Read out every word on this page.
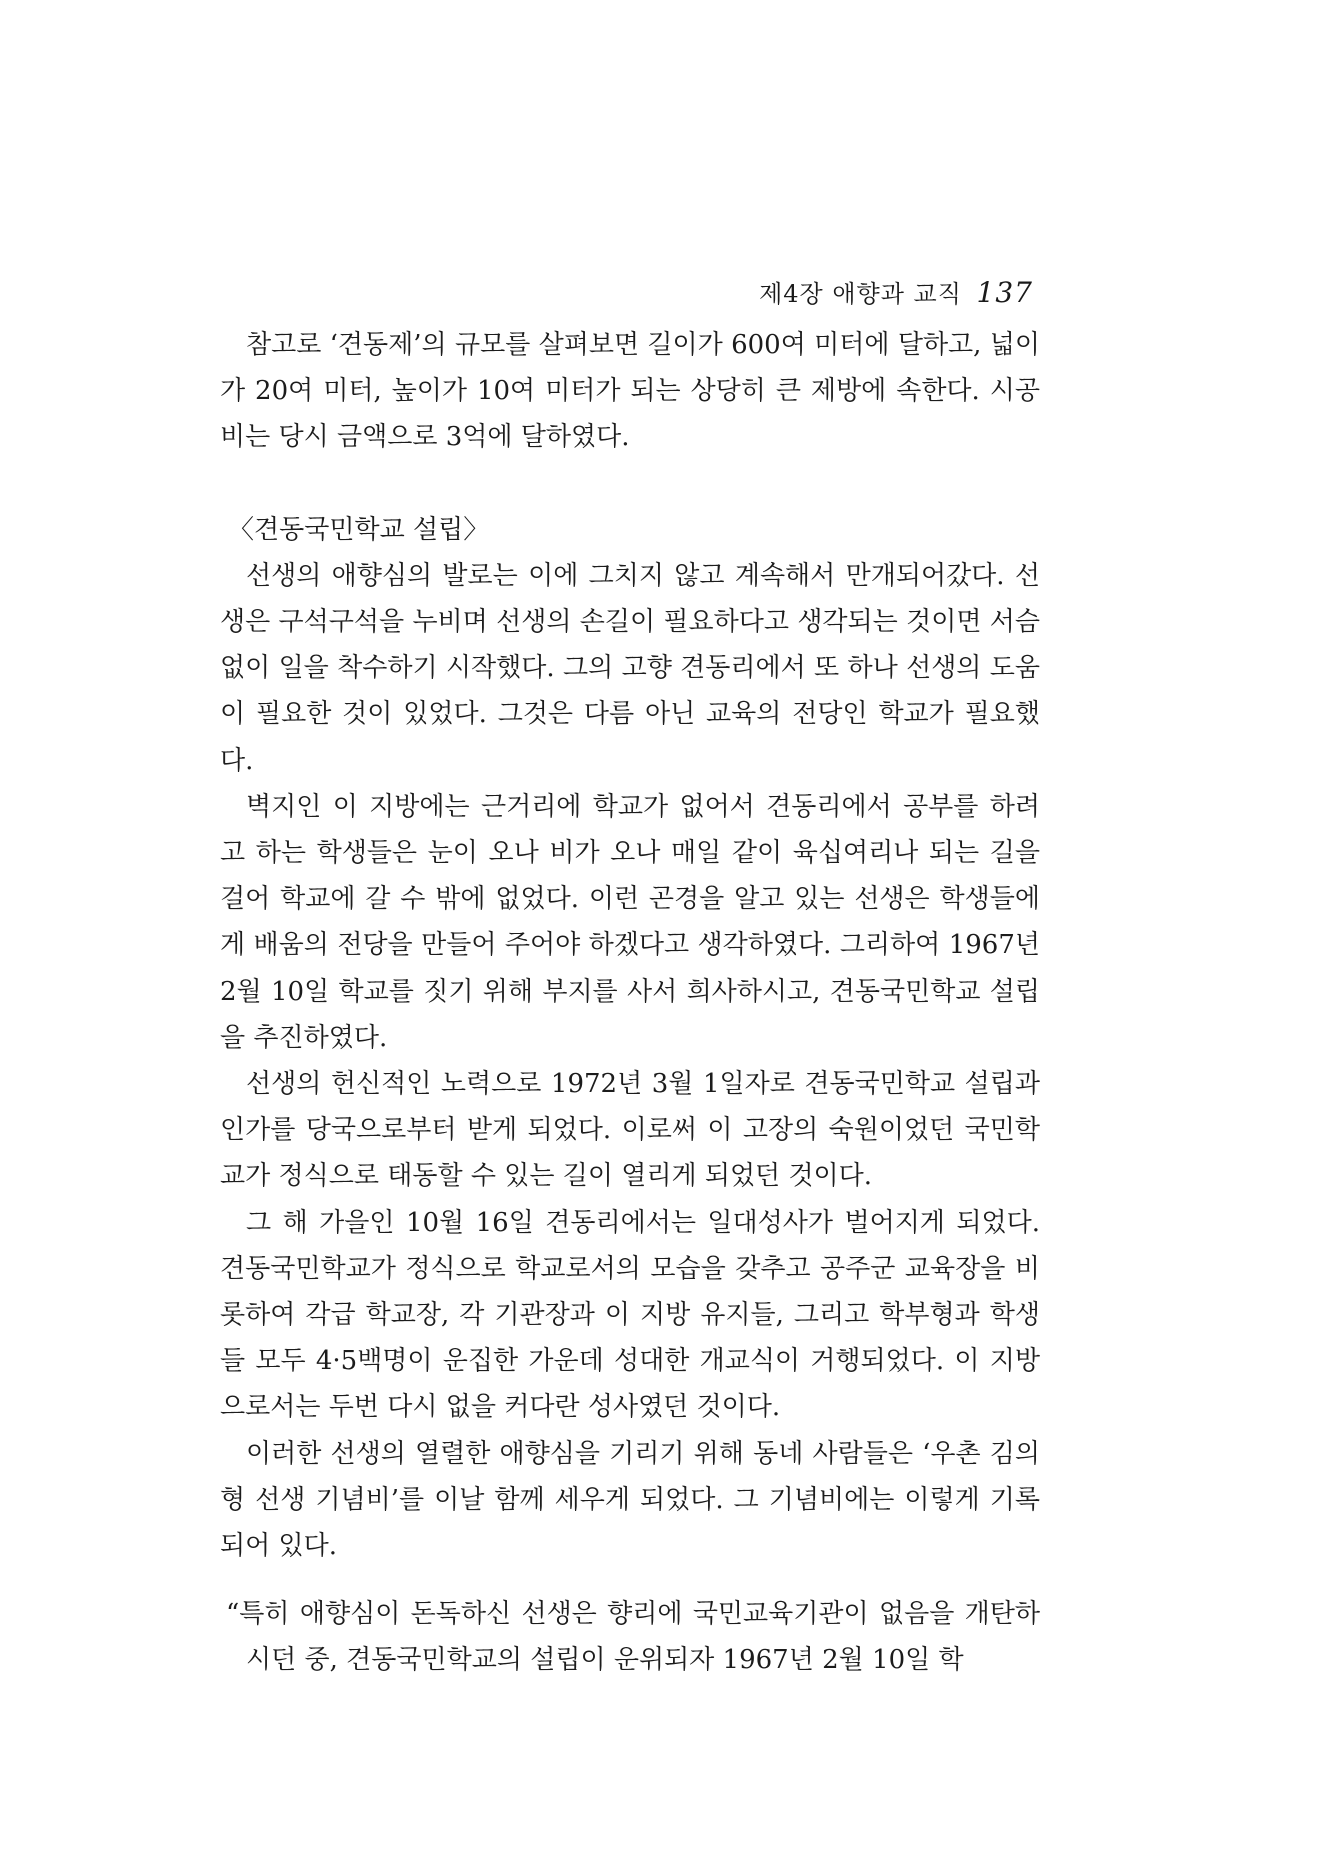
제4장 애향과 교직 137

참고로 ‘견동제’의 규모를 살펴보면 길이가 600여 미터에 달하고, 넓이가 20여 미터, 높이가 10여 미터가 되는 상당히 큰 제방에 속한다. 시공비는 당시 금액으로 3억에 달하였다.

〈견동국민학교 설립〉

선생의 애향심의 발로는 이에 그치지 않고 계속해서 만개되어갔다. 선생은 구석구석을 누비며 선생의 손길이 필요하다고 생각되는 것이면 서슴없이 일을 착수하기 시작했다. 그의 고향 견동리에서 또 하나 선생의 도움이 필요한 것이 있었다. 그것은 다름 아닌 교육의 전당인 학교가 필요했다.

벽지인 이 지방에는 근거리에 학교가 없어서 견동리에서 공부를 하려고 하는 학생들은 눈이 오나 비가 오나 매일 같이 육십여리나 되는 길을 걸어 학교에 갈 수 밖에 없었다. 이런 곤경을 알고 있는 선생은 학생들에게 배움의 전당을 만들어 주어야 하겠다고 생각하였다. 그리하여 1967년 2월 10일 학교를 짓기 위해 부지를 사서 희사하시고, 견동국민학교 설립을 추진하였다.

선생의 헌신적인 노력으로 1972년 3월 1일자로 견동국민학교 설립과 인가를 당국으로부터 받게 되었다. 이로써 이 고장의 숙원이었던 국민학교가 정식으로 태동할 수 있는 길이 열리게 되었던 것이다.

그 해 가을인 10월 16일 견동리에서는 일대성사가 벌어지게 되었다. 견동국민학교가 정식으로 학교로서의 모습을 갖추고 공주군 교육장을 비롯하여 각급 학교장, 각 기관장과 이 지방 유지들, 그리고 학부형과 학생들 모두 4·5백명이 운집한 가운데 성대한 개교식이 거행되었다. 이 지방으로서는 두번 다시 없을 커다란 성사였던 것이다.

이러한 선생의 열렬한 애향심을 기리기 위해 동네 사람들은 ‘우촌 김의형 선생 기념비’를 이날 함께 세우게 되었다. 그 기념비에는 이렇게 기록되어 있다.

“특히 애향심이 돈독하신 선생은 향리에 국민교육기관이 없음을 개탄하시던 중, 견동국민학교의 설립이 운위되자 1967년 2월 10일 학
